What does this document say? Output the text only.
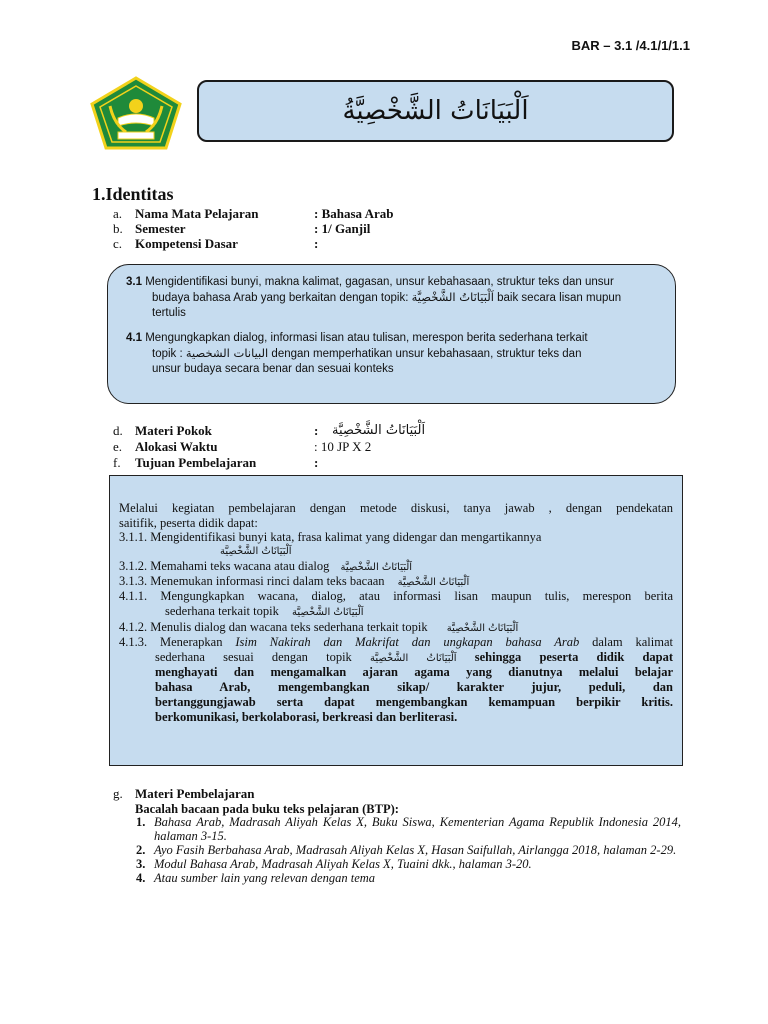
BAR – 3.1 /4.1/1/1.1
اَلْبَيَانَاتُ الشَّخْصِيَّةُ
1.Identitas
a. Nama Mata Pelajaran	: Bahasa Arab
b. Semester	: 1/ Ganjil
c. Kompetensi Dasar	:
3.1 Mengidentifikasi bunyi, makna kalimat, gagasan, unsur kebahasaan, struktur teks dan unsur
budaya bahasa Arab yang berkaitan dengan topik: اَلْبَيَانَاتُ الشَّخْصِيَّة baik secara lisan mupun
tertulis
4.1 Mengungkapkan dialog, informasi lisan atau tulisan, merespon berita sederhana terkait
topik : البيانات الشخصية dengan memperhatikan unsur kebahasaan, struktur teks dan
unsur budaya secara benar dan sesuai konteks
d. Materi Pokok	: اَلْبَيَانَاتُ الشَّخْصِيَّة
e. Alokasi Waktu	: 10 JP X 2
f. Tujuan Pembelajaran	:
Melalui kegiatan pembelajaran dengan metode diskusi, tanya jawab , dengan pendekatan
saitifik, peserta didik dapat:
3.1.1. Mengidentifikasi bunyi kata, frasa kalimat yang didengar dan mengartikannya
اَلْبَيَانَاتُ الشَّخْصِيَّة
3.1.2. Memahami teks wacana atau dialog اَلْبَيَانَاتُ الشَّخْصِيَّة
3.1.3. Menemukan informasi rinci dalam teks bacaan اَلْبَيَانَاتُ الشَّخْصِيَّة
4.1.1. Mengungkapkan wacana, dialog, atau informasi lisan maupun tulis, merespon berita
sederhana terkait topik اَلْبَيَانَاتُ الشَّخْصِيَّة
4.1.2. Menulis dialog dan wacana teks sederhana terkait topik اَلْبَيَانَاتُ الشَّخْصِيَّة
4.1.3. Menerapkan Isim Nakirah dan Makrifat dan ungkapan bahasa Arab dalam kalimat
sederhana sesuai dengan topik اَلْبَيَانَاتُ الشَّخْصِيَّة sehingga peserta didik dapat
menghayati dan mengamalkan ajaran agama yang dianutnya melalui belajar
bahasa Arab, mengembangkan sikap/ karakter jujur, peduli, dan
bertanggungjawab serta dapat mengembangkan kemampuan berpikir kritis.
berkomunikasi, berkolaborasi, berkreasi dan berliterasi.
g. Materi Pembelajaran
Bacalah bacaan pada buku teks pelajaran (BTP):
1. Bahasa Arab, Madrasah Aliyah Kelas X, Buku Siswa, Kementerian Agama Republik Indonesia 2014, halaman 3-15.
2. Ayo Fasih Berbahasa Arab, Madrasah Aliyah Kelas X, Hasan Saifullah, Airlangga 2018, halaman 2-29.
3. Modul Bahasa Arab, Madrasah Aliyah Kelas X, Tuaini dkk., halaman 3-20.
4. Atau sumber lain yang relevan dengan tema
